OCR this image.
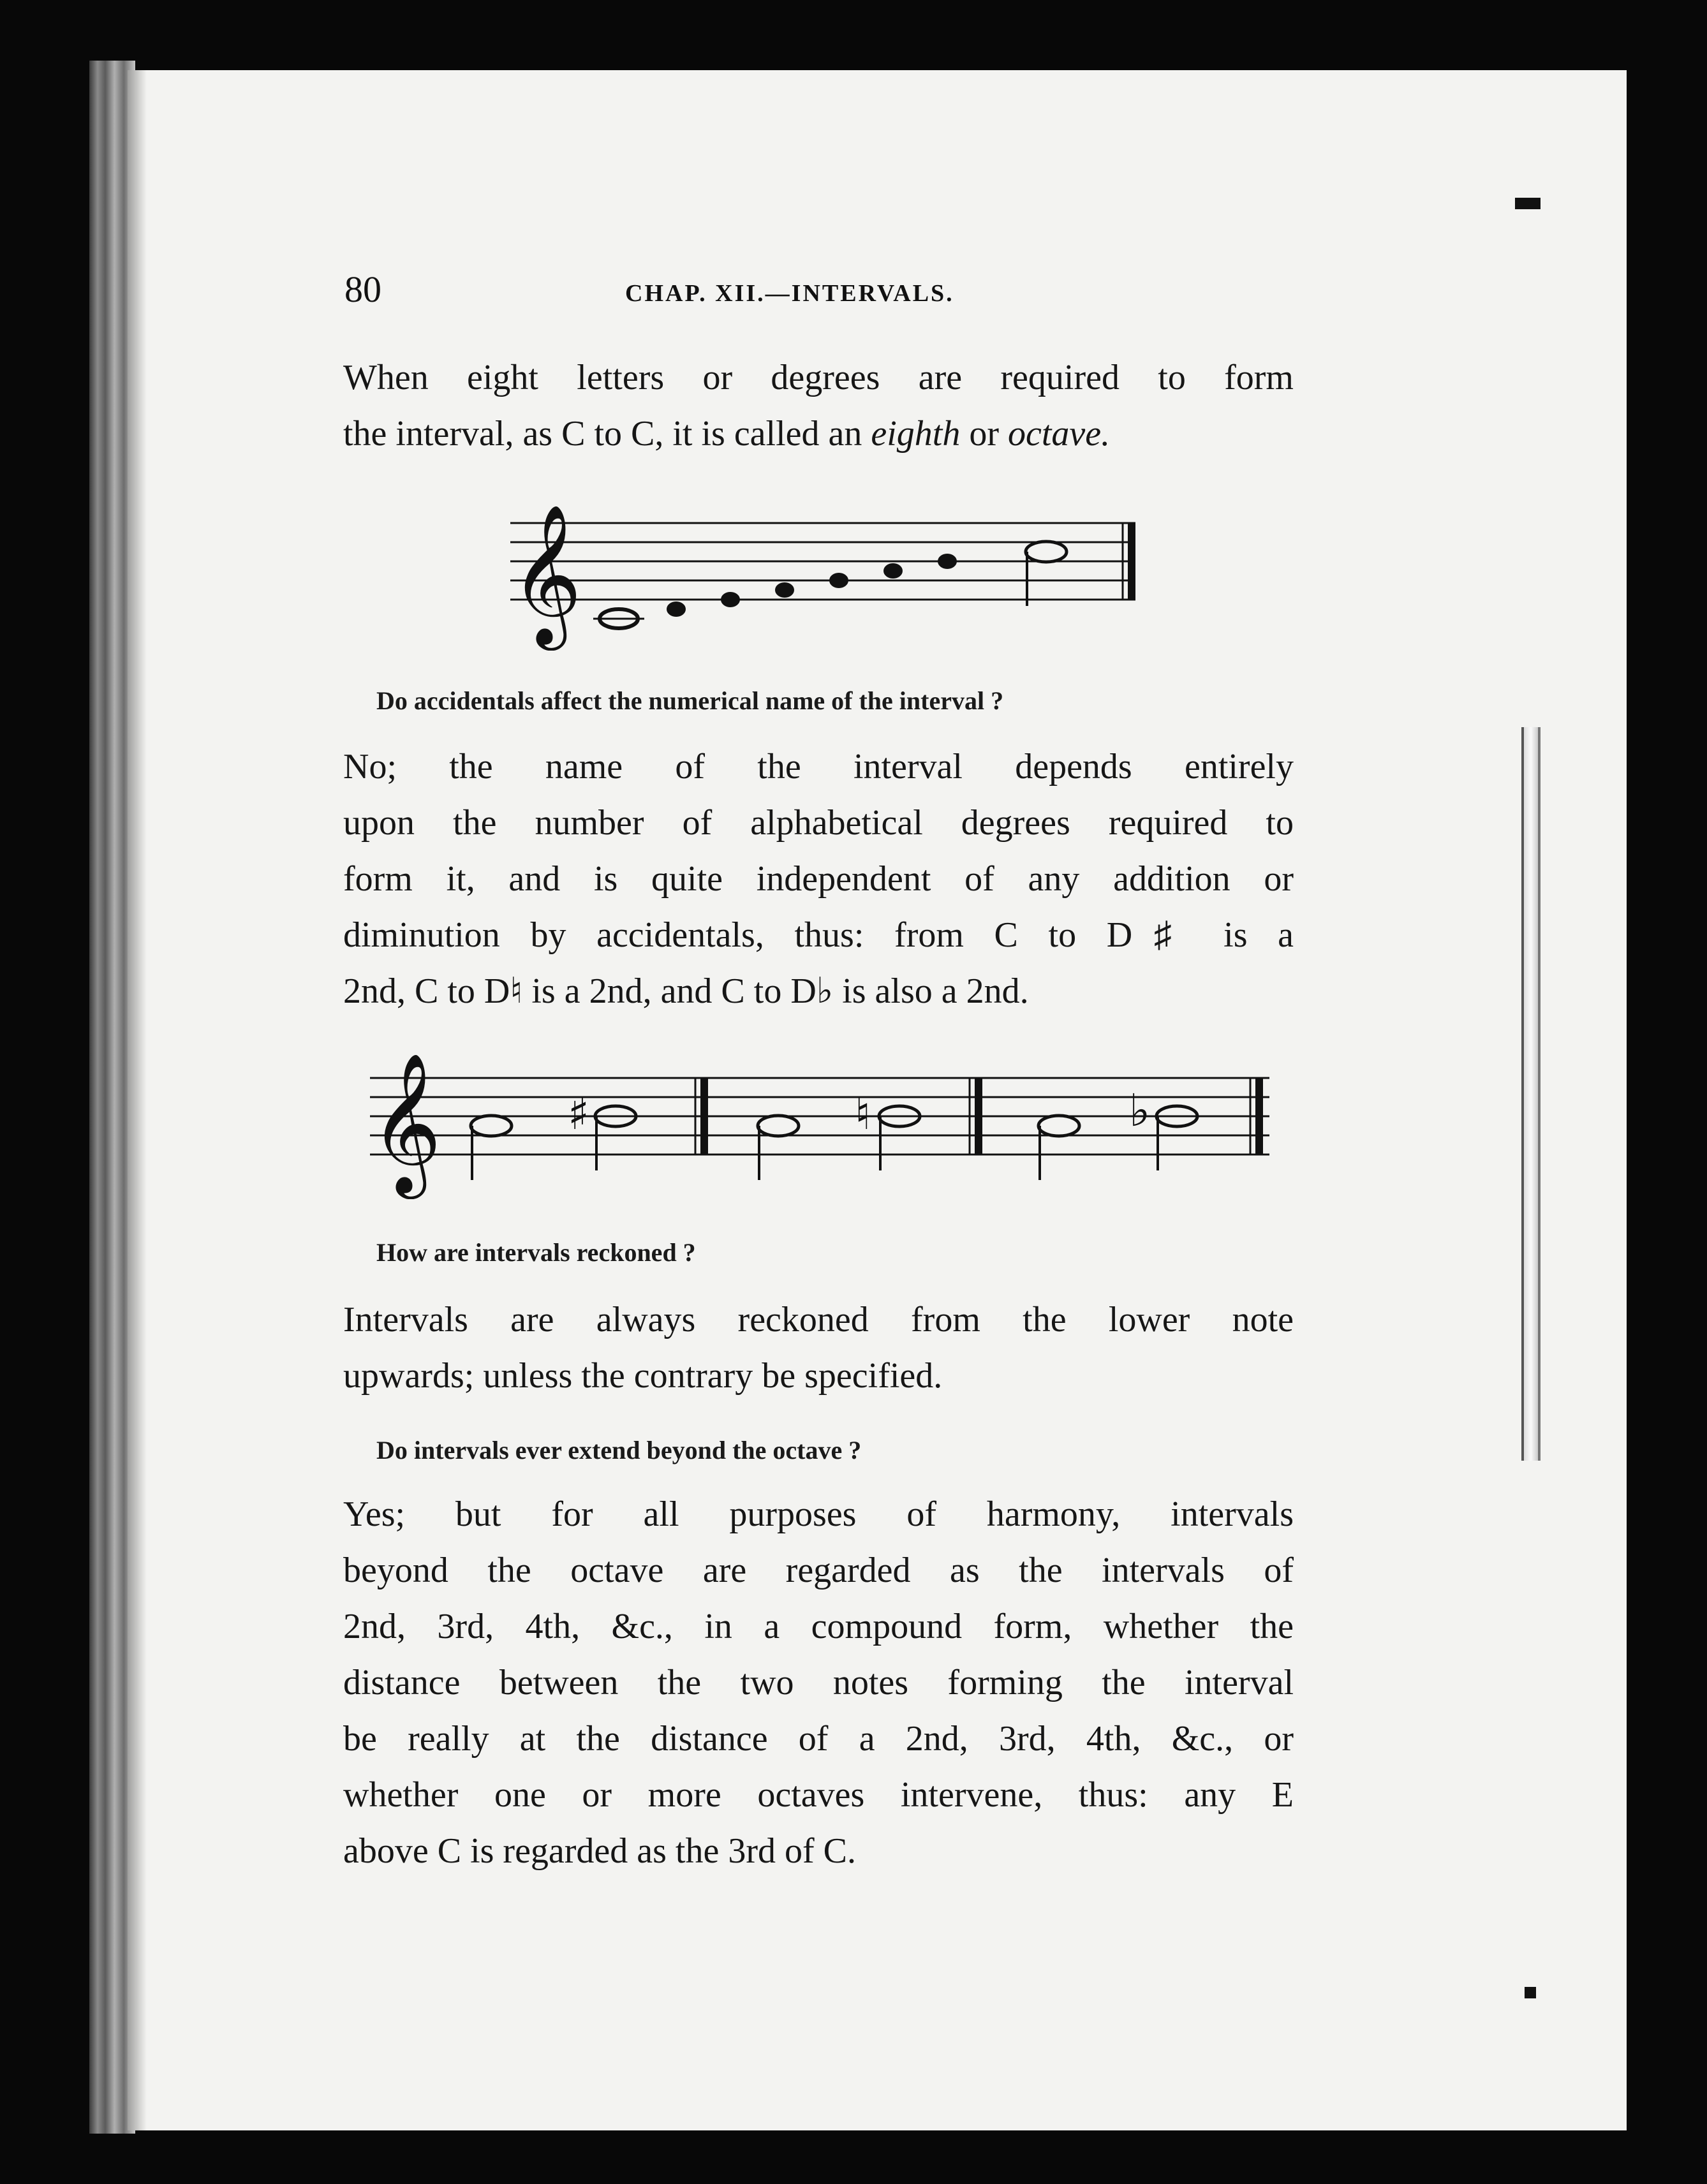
80	CHAP. XII.—INTERVALS.

When eight letters or degrees are required to form

the interval, as C to C, it is called an eighth or octave.

𝄞
Do accidentals affect the numerical name of the interval ?

No; the name of the interval depends entirely

upon the number of alphabetical degrees required to

form it, and is quite independent of any addition or

diminution by accidentals, thus: from C to D♯ is a

2nd, C to D♮ is a 2nd, and C to D♭ is also a 2nd.

𝄞	♯	♮	♭
How are intervals reckoned ?

Intervals are always reckoned from the lower note

upwards; unless the contrary be specified.

Do intervals ever extend beyond the octave ?

Yes; but for all purposes of harmony, intervals

beyond the octave are regarded as the intervals of

2nd, 3rd, 4th, &c., in a compound form, whether the

distance between the two notes forming the interval

be really at the distance of a 2nd, 3rd, 4th, &c., or

whether one or more octaves intervene, thus: any E

above C is regarded as the 3rd of C.
